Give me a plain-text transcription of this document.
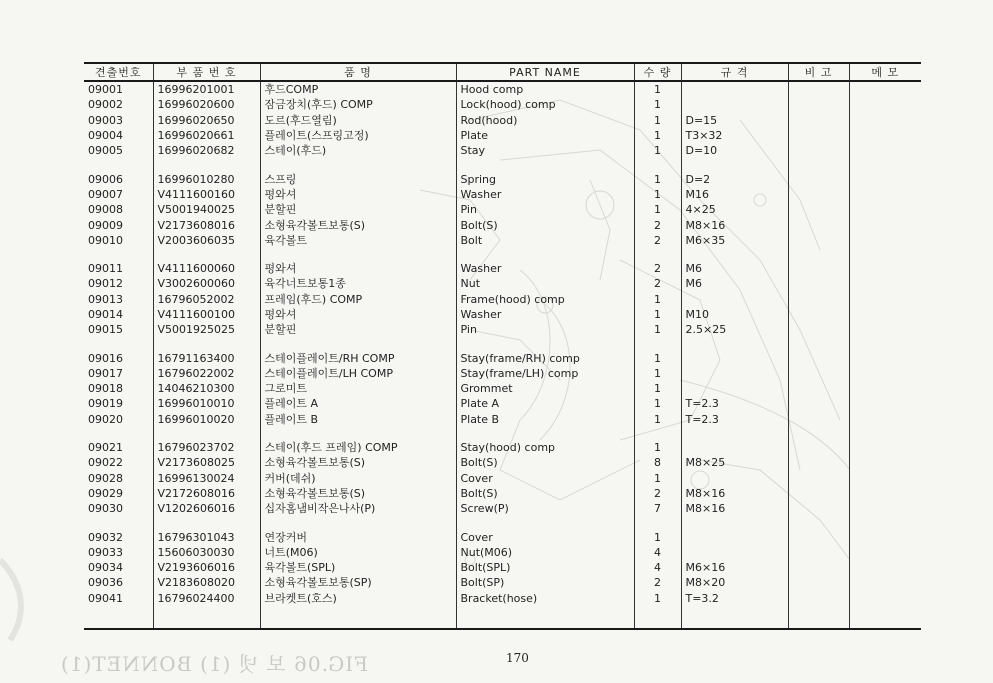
견출번호	부 품 번 호	품 명	PART NAME	수 량	규 격	비 고	메 모
09001	16996201001	후드COMP	Hood comp	1			
09002	16996020600	잠금장치(후드) COMP	Lock(hood) comp	1			
09003	16996020650	도르(후드열림)	Rod(hood)	1	D=15		
09004	16996020661	플레이트(스프링고정)	Plate	1	T3×32		
09005	16996020682	스테이(후드)	Stay	1	D=10		

09006	16996010280	스프링	Spring	1	D=2		
09007	V4111600160	평와셔	Washer	1	M16		
09008	V5001940025	분할핀	Pin	1	4×25		
09009	V2173608016	소형육각볼트보통(S)	Bolt(S)	2	M8×16		
09010	V2003606035	육각볼트	Bolt	2	M6×35		

09011	V4111600060	평와셔	Washer	2	M6		
09012	V3002600060	육각너트보통1종	Nut	2	M6		
09013	16796052002	프레임(후드) COMP	Frame(hood) comp	1			
09014	V4111600100	평와셔	Washer	1	M10		
09015	V5001925025	분할핀	Pin	1	2.5×25		

09016	16791163400	스테이플레이트/RH COMP	Stay(frame/RH) comp	1			
09017	16796022002	스테이플레이트/LH COMP	Stay(frame/LH) comp	1			
09018	14046210300	그로미트	Grommet	1			
09019	16996010010	플레이트 A	Plate A	1	T=2.3		
09020	16996010020	플레이트 B	Plate B	1	T=2.3		

09021	16796023702	스테이(후드 프레임) COMP	Stay(hood) comp	1			
09022	V2173608025	소형육각볼트보통(S)	Bolt(S)	8	M8×25		
09028	16996130024	커버(데쉬)	Cover	1			
09029	V2172608016	소형육각볼트보통(S)	Bolt(S)	2	M8×16		
09030	V1202606016	십자홈냄비작은나사(P)	Screw(P)	7	M8×16		

09032	16796301043	연장커버	Cover	1			
09033	15606030030	너트(M06)	Nut(M06)	4			
09034	V2193606016	육각볼트(SPL)	Bolt(SPL)	4	M6×16		
09036	V2183608020	소형육각볼토보통(SP)	Bolt(SP)	2	M8×20		
09041	16796024400	브라켓트(호스)	Bracket(hose)	1	T=3.2		

FIG.06 보 넷 (1) BONNET(1)	170
